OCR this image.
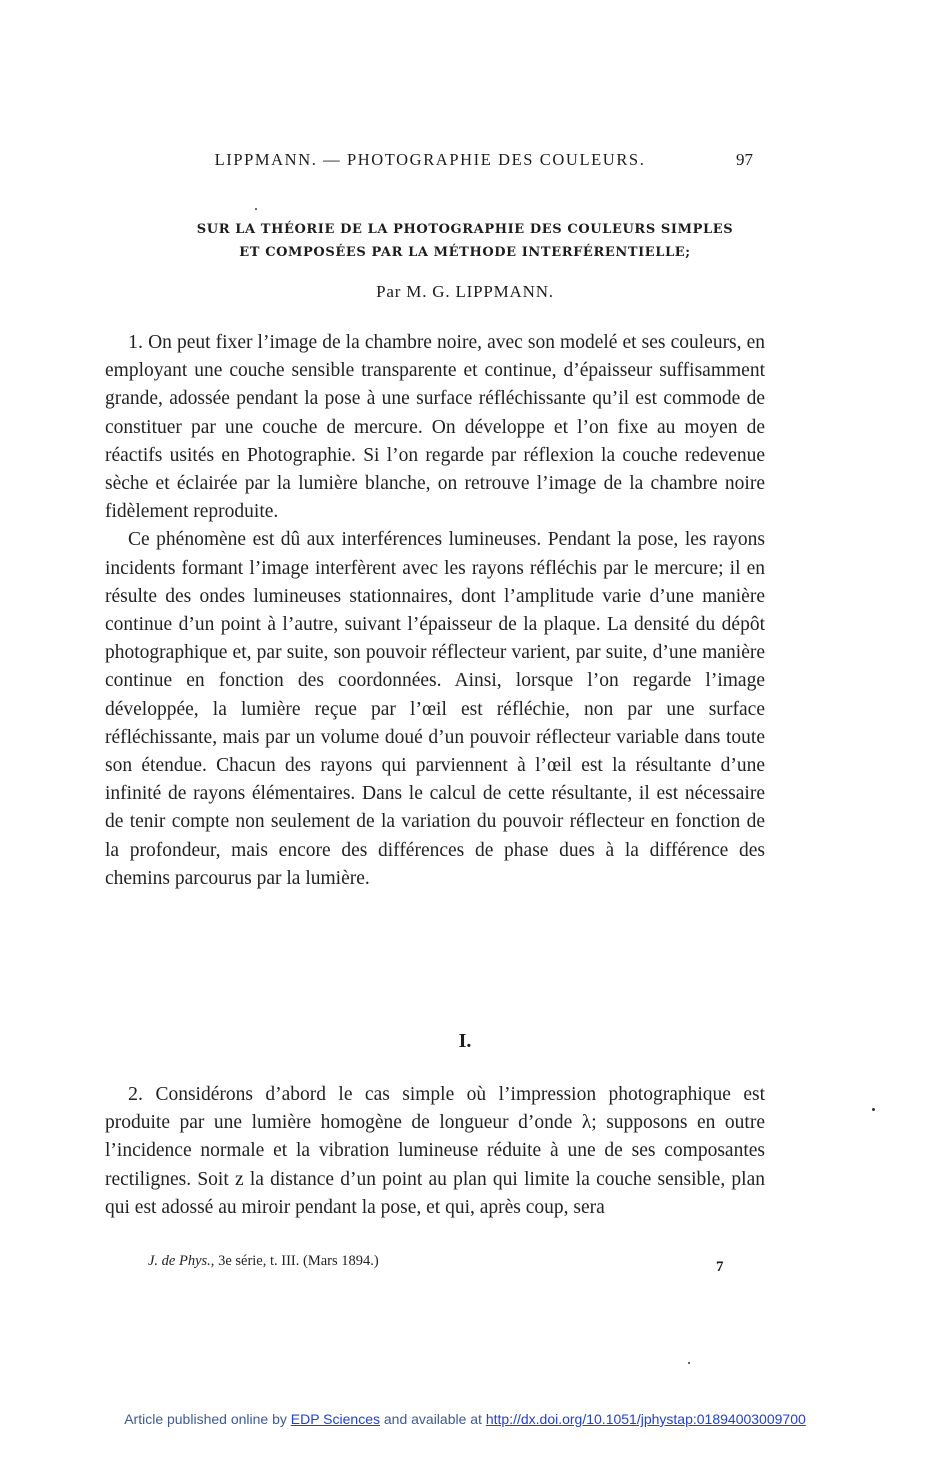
LIPPMANN. — PHOTOGRAPHIE DES COULEURS.	97
SUR LA THÉORIE DE LA PHOTOGRAPHIE DES COULEURS SIMPLES
ET COMPOSÉES PAR LA MÉTHODE INTERFÉRENTIELLE;
Par M. G. LIPPMANN.

1. On peut fixer l’image de la chambre noire, avec son modelé et ses couleurs, en employant une couche sensible transparente et continue, d’épaisseur suffisamment grande, adossée pendant la pose à une surface réfléchissante qu’il est commode de constituer par une couche de mercure. On développe et l’on fixe au moyen de réactifs usités en Photographie. Si l’on regarde par réflexion la couche redevenue sèche et éclairée par la lumière blanche, on retrouve l’image de la chambre noire fidèlement reproduite.

Ce phénomène est dû aux interférences lumineuses. Pendant la pose, les rayons incidents formant l’image interfèrent avec les rayons réfléchis par le mercure; il en résulte des ondes lumineuses stationnaires, dont l’amplitude varie d’une manière continue d’un point à l’autre, suivant l’épaisseur de la plaque. La densité du dépôt photographique et, par suite, son pouvoir réflecteur varient, par suite, d’une manière continue en fonction des coordonnées. Ainsi, lorsque l’on regarde l’image développée, la lumière reçue par l’œil est réfléchie, non par une surface réfléchissante, mais par un volume doué d’un pouvoir réflecteur variable dans toute son étendue. Chacun des rayons qui parviennent à l’œil est la résultante d’une infinité de rayons élémentaires. Dans le calcul de cette résultante, il est nécessaire de tenir compte non seulement de la variation du pouvoir réflecteur en fonction de la profondeur, mais encore des différences de phase dues à la différence des chemins parcourus par la lumière.

I.

2. Considérons d’abord le cas simple où l’impression photographique est produite par une lumière homogène de longueur d’onde λ; supposons en outre l’incidence normale et la vibration lumineuse réduite à une de ses composantes rectilignes. Soit z la distance d’un point au plan qui limite la couche sensible, plan qui est adossé au miroir pendant la pose, et qui, après coup, sera

J. de Phys., 3e série, t. III. (Mars 1894.)	7
Article published online by EDP Sciences and available at http://dx.doi.org/10.1051/jphystap:01894003009700
